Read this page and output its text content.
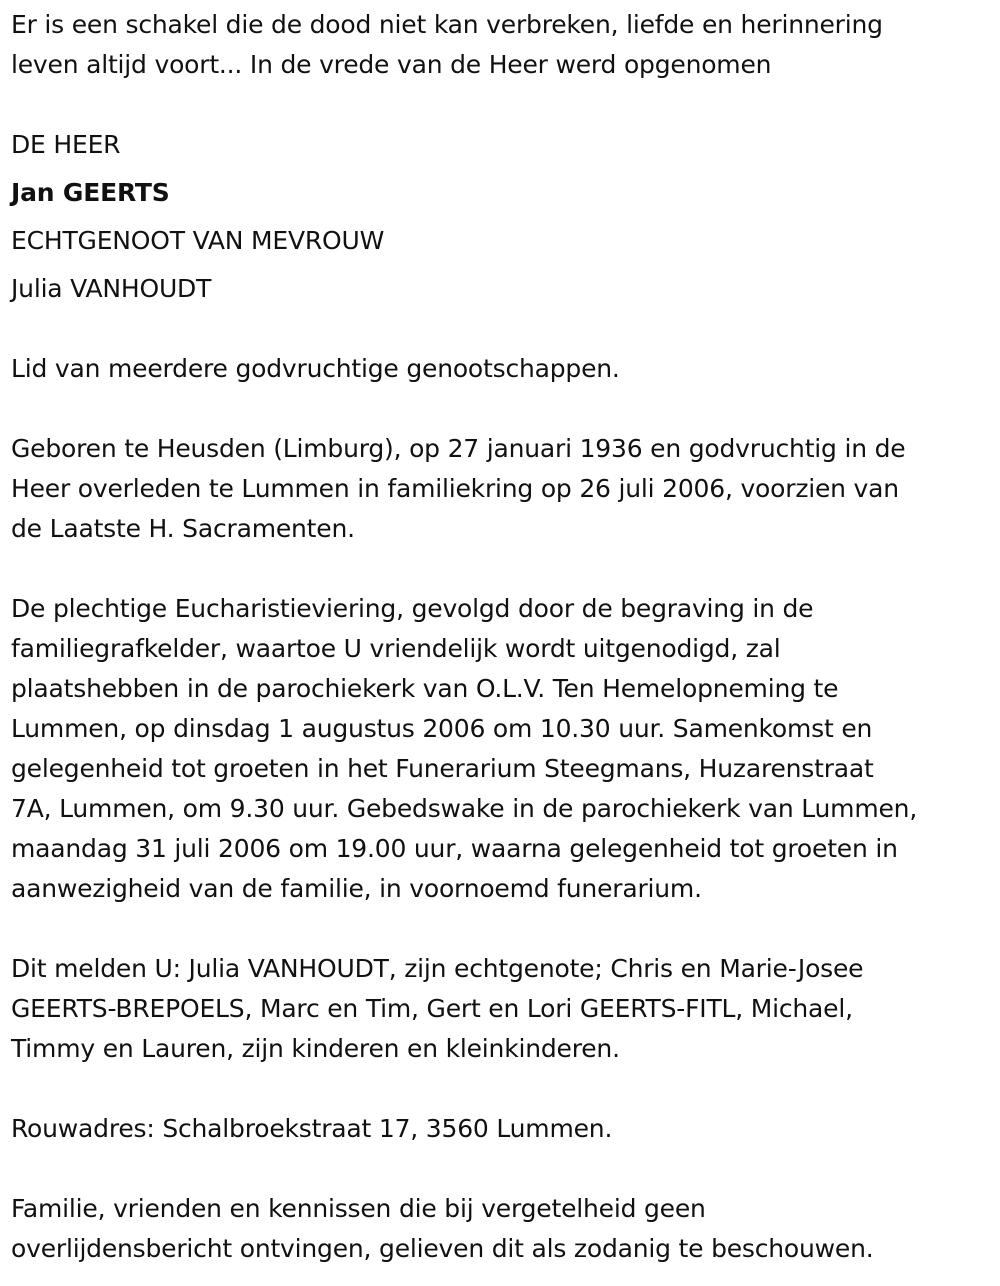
Er is een schakel die de dood niet kan verbreken, liefde en herinnering
leven altijd voort... In de vrede van de Heer werd opgenomen
DE HEER
Jan GEERTS
ECHTGENOOT VAN MEVROUW
Julia VANHOUDT
Lid van meerdere godvruchtige genootschappen.
Geboren te Heusden (Limburg), op 27 januari 1936 en godvruchtig in de
Heer overleden te Lummen in familiekring op 26 juli 2006, voorzien van
de Laatste H. Sacramenten.
De plechtige Eucharistieviering, gevolgd door de begraving in de
familiegrafkelder, waartoe U vriendelijk wordt uitgenodigd, zal
plaatshebben in de parochiekerk van O.L.V. Ten Hemelopneming te
Lummen, op dinsdag 1 augustus 2006 om 10.30 uur. Samenkomst en
gelegenheid tot groeten in het Funerarium Steegmans, Huzarenstraat
7A, Lummen, om 9.30 uur. Gebedswake in de parochiekerk van Lummen,
maandag 31 juli 2006 om 19.00 uur, waarna gelegenheid tot groeten in
aanwezigheid van de familie, in voornoemd funerarium.
Dit melden U: Julia VANHOUDT, zijn echtgenote; Chris en Marie-Josee
GEERTS-BREPOELS, Marc en Tim, Gert en Lori GEERTS-FITL, Michael,
Timmy en Lauren, zijn kinderen en kleinkinderen.
Rouwadres: Schalbroekstraat 17, 3560 Lummen.
Familie, vrienden en kennissen die bij vergetelheid geen
overlijdensbericht ontvingen, gelieven dit als zodanig te beschouwen.
